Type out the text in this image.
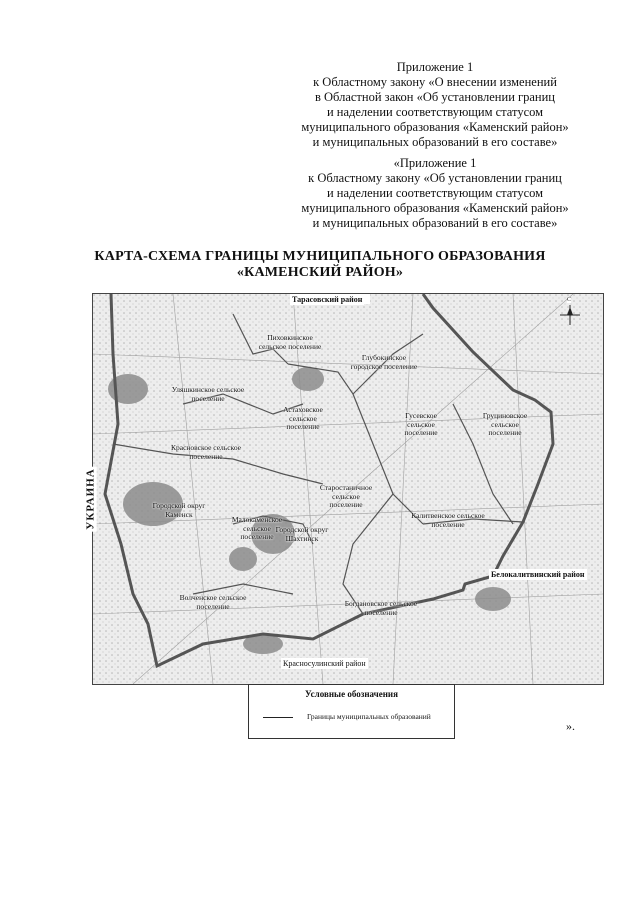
Приложение 1
к Областному закону «О внесении изменений
в Областной закон «Об установлении границ
и наделении соответствующим статусом
муниципального образования «Каменский район»
и муниципальных образований в его составе»
«Приложение 1
к Областному закону «Об установлении границ
и наделении соответствующим статусом
муниципального образования «Каменский район»
и муниципальных образований в его составе»
КАРТА-СХЕМА ГРАНИЦЫ МУНИЦИПАЛЬНОГО ОБРАЗОВАНИЯ
«КАМЕНСКИЙ РАЙОН»
Тарасовский район
Белокалитвинский район
Красносулинский район
Пиховкинское сельское поселение
Глубокинское городское поселение
Уляшкинское сельское поселение
Астаховское сельское поселение
Гусевское сельское поселение
Груциновское сельское поселение
Красновское сельское поселение
Старостаничное сельское поселение
Городской округ Каменск	Калитвенское сельское поселение
Малокаменское сельское поселение
Городской округ Шахтинск
Волченское сельское поселение	Богдановское сельское поселение
С
УКРАИНА
Условные обозначения
Границы муниципальных образований
».
